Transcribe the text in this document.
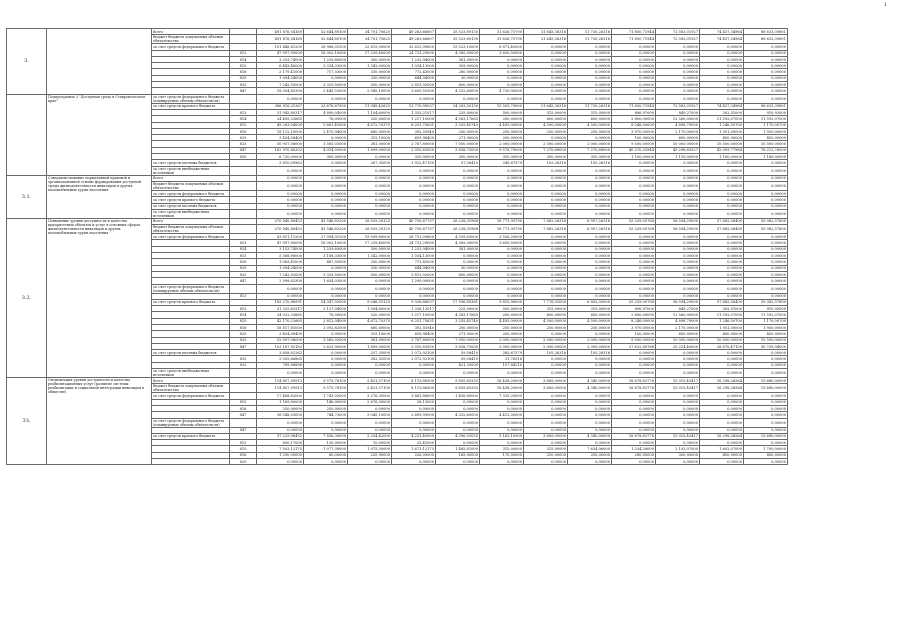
1
3.		Всего		491 876,04169	52 644,89100	34 701,70625	49 263,66607	35 523,89130	31 626,75790	31 645,36316	11 730,26316	71 850,71944	72 583,01927	74 457,34964	88 633,39801
		бюджет бюджета покупаемых объемов обязательства		491 876,04169	52 644,89100	34 701,70625	49 263,66607	35 523,89130	31 626,75790	31 645,36316	11 730,26316	71 850,71944	72 583,01927	74 457,34964	88 633,39801
		за счет средств федерального бюджета		101 448,61200	28 968,01200	22 615,00000	32 612,99600	15 523,10000	8 871,40000	0,00000	0,00000	0,00000	0,00000	0,00000	0,00000
			813	47 997,90000	18 002,10000	17 239,40000	24 731,29000	4 385,00000	3 650,50000	0,00000	0,00000	0,00000	0,00000	0,00000	0,00000
			814	3 333,74000	1 239,60000	300,00000	1 232,94000	381,00000	0,00000	0,00000	0,00000	0,00000	0,00000	0,00000	0,00000
			815	6 443,46000	3 334,33000	1 342,00000	1 034,13000	359,00000	0,00000	0,00000	0,00000	0,00000	0,00000	0,00000	0,00000
			816	2 179,41000	717,03000	330,00000	772,43000	280,00000	0,00000	0,00000	0,00000	0,00000	0,00000	0,00000	0,00000
			829	1 004,04000	0,00000	330,00000	644,04000	30,00000	0,00000	0,00000	0,00000	0,00000	0,00000	0,00000	0,00000
			833	7 242,92000	3 329,50000	500,00000	2 813,92000	600,00000	0,00000	0,00000	0,00000	0,00000	0,00000	0,00000	0,00000
			847	18 054,85300	2 445,53000	2 945,10000	3 600,55300	4 332,60000	4 730,90000	0,00000	0,00000	0,00000	0,00000	0,00000	0,00000
	Подпрограмма 3 "Доступная среда в Ставропольском крае"	за счет средств федерального бюджета (планируемые объемы обязательств)		0,00000	0,00000	0,00000	0,00000	0,00000	0,00000	0,00000	0,00000	0,00000	0,00000	0,00000	0,00000
		за счет средств краевого бюджета		386 916,21367	23 676,87900	11 945,42625	13 770,99037	24 202,50130	15 503,79000	11 645,36316	11 730,26316	71 850,71944	72 583,01927	74 457,34964	88 633,39801
			813	31 945,80317	4 890,04000	1 104,60000	1 353,21017	235,00000	500,00000	315,00000	315,00000	896,97000	849,27000	302,51000	910,93000
			814	24 495,33665	76,00000	320,00000	1 217,10000	4 383,17665	200,00000	600,00000	600,00000	2 800,00000	12 560,00000	11 592,07000	11 592,07000
			815	49 283,04000	5 661,45000	4 672,70375	6 251,75631	3 255,45740	4 495,00000	4 500,00000	4 500,00000	8 246,00000	4 898,79000	1 246,50700	1 170,00700
			816	18 112,10000	2 470,94000	680,00000	392,55940	200,00000	250,00000	250,00000	250,00000	3 970,00000	2 170,00000	1 951,00000	1 950,00000
			829	3 454,08400	0,00000	315,10000	659,98400	271,00000	200,00000	0,00000	0,00000	100,00000	600,00000	400,00000	450,00000
			833	50 957,06000	3 565,03000	381,00000	2 767,80000	7 050,00000	2 000,00000	2 000,00000	2 000,00000	9 500,00000	10 000,00000	10 500,00000	10 500,00000
			847	162 970,80202	4 014,93000	1 899,00000	2 010,63050	3 838,75000	9 578,79000	7 270,68000	7 270,68000	40 270,33944	49 296,69527	42 009,77964	76 212,76000
			830	6 720,00000	300,00000	0,00000	320,00000	350,00000	350,00000	350,00000	350,00000	1 100,00000	1 110,00000	1 160,00000	1 160,00000
		за счет средств местных бюджетов		3 810,09962	0,00000	267,35000	1 922,47100	57,26410	249,67579	105,26316	105,26316	0,00000	0,00000	0,00000	0,00000
		за счет средств внебюджетных источников		0,00000	0,00000	0,00000	0,00000	0,00000	0,00000	0,00000	0,00000	0,00000	0,00000	0,00000	0,00000
3.1.	Совершенствование нормативной правовой и организационной основы формирования доступной среды жизнедеятельности инвалидов и других маломобильных групп населения	Всего		0,00000	0,00000	0,00000	0,00000	0,00000	0,00000	0,00000	0,00000	0,00000	0,00000	0,00000	0,00000
		бюджет бюджета покупаемых объемов обязательства		0,00000	0,00000	0,00000	0,00000	0,00000	0,00000	0,00000	0,00000	0,00000	0,00000	0,00000	0,00000
		за счет средств федерального бюджета		0,00000	0,00000	0,00000	0,00000	0,00000	0,00000	0,00000	0,00000	0,00000	0,00000	0,00000	0,00000
		за счет средств краевого бюджета		0,00000	0,00000	0,00000	0,00000	0,00000	0,00000	0,00000	0,00000	0,00000	0,00000	0,00000	0,00000
		за счет средств местных бюджетов		0,00000	0,00000	0,00000	0,00000	0,00000	0,00000	0,00000	0,00000	0,00000	0,00000	0,00000	0,00000
		за счет средств внебюджетных источников		0,00000	0,00000	0,00000	0,00000	0,00000	0,00000	0,00000	0,00000	0,00000	0,00000	0,00000	0,00000
3.2.	Повышение уровня доступности и качества приоритетных объектов и услуг в основных сферах жизнедеятельности инвалидов и других маломобильных групп населения	Всего		270 940,80453	41 546,83200	28 929,28125	40 750,87737	26 238,31968	18 771,95790	7 882,26316	6 907,26316	55 259,00768	56 594,29000	57 682,56400	59 382,57600
		бюджет бюджета покупаемых объемов обязательства		270 940,80453	41 546,83200	28 929,28125	40 750,87737	26 238,31968	18 771,95790	7 882,26316	6 907,26316	55 259,00768	56 594,29000	57 682,56400	59 382,57600
		за счет средств федерального бюджета		83 811,11200	27 094,91200	19 599,80000	28 751,09600	4 339,83000	3 556,20000	0,00000	0,00000	0,00000	0,00000	0,00000	0,00000
			813	47 997,90000	18 002,10000	17 239,40000	24 731,29000	4 385,00000	3 650,50000	0,00000	0,00000	0,00000	0,00000	0,00000	0,00000
			814	3 153,74000	1 239,60000	300,00000	1 232,94000	381,00000	0,00000	0,00000	0,00000	0,00000	0,00000	0,00000	0,00000
			815	5 368,98000	3 188,33000	1 342,00000	1 034,13000	0,00000	0,00000	0,00000	0,00000	0,00000	0,00000	0,00000	0,00000
			816	1 069,41000	467,03000	330,00000	772,43000	0,00000	0,00000	0,00000	0,00000	0,00000	0,00000	0,00000	0,00000
			829	1 004,04000	0,00000	330,00000	644,04000	30,00000	0,00000	0,00000	0,00000	0,00000	0,00000	0,00000	0,00000
			833	7 242,92000	3 329,50000	500,00000	2 813,92000	600,00000	0,00000	0,00000	0,00000	0,00000	0,00000	0,00000	0,00000
			847	2 998,82300	1 654,03000	0,00000	1 299,00000	0,00000	0,00000	0,00000	0,00000	0,00000	0,00000	0,00000	0,00000
		за счет средств федерального бюджета (планируемые объемы обязательств)		0,00000	0,00000	0,00000	0,00000	0,00000	0,00000	0,00000	0,00000	0,00000	0,00000	0,00000	0,00000
			813	0,00000	0,00000	0,00000	0,00000	0,00000	0,00000	0,00000	0,00000	0,00000	0,00000	0,00000	0,00000
		за счет средств краевого бюджета		183 270,86991	14 347,92000	9 046,93125	9 926,86037	17 596,89361	9 815,96000	7 776,92000	6 802,00000	55 259,00768	56 594,29000	57 682,56400	59 382,57600
			813	31 325,63317	3 127,04000	1 094,60000	1 338,12017	225,00000	500,00000	315,00000	315,00000	896,97000	849,27000	302,51000	910,93000
			814	24 032,33665	76,00000	320,00000	1 217,10000	4 383,17665	200,00000	600,00000	600,00000	2 800,00000	12 560,00000	11 592,07000	11 592,07000
			815	42 170,22665	2 812,04000	4 672,70375	6 251,75631	3 255,45740	4 495,00000	4 500,00000	4 500,00000	8 246,00000	4 898,79000	1 246,50700	1 170,00700
			816	16 817,81000	2 092,82000	680,00000	392,55940	200,00000	250,00000	250,00000	250,00000	3 970,00000	2 170,00000	1 951,00000	1 950,00000
			829	3 454,08400	0,00000	315,10000	659,98400	271,00000	200,00000	0,00000	0,00000	100,00000	600,00000	400,00000	450,00000
			833	52 097,06000	3 565,03000	381,00000	2 767,80000	7 050,00000	2 000,00000	2 000,00000	2 000,00000	9 500,00000	10 000,00000	10 500,00000	10 500,00000
			847	103 167,92183	2 623,90000	1 899,00000	2 010,63050	3 838,75000	3 000,00000	2 000,00000	2 000,00000	27 632,80768	25 214,40000	28 870,47100	30 739,94000
		за счет средств местных бюджетов		3 858,82262	0,00000	257,35000	2 072,92100	59,58410	285,67579	105,26316	105,26316	0,00000	0,00000	0,00000	0,00000
			833	2 055,66865	0,00000	282,55000	2 072,92100	59,58410	31,76316	0,00000	0,00000	0,00000	0,00000	0,00000	0,00000
			833	789,08896	0,00000	0,00000	0,00000	421,33000	157,84210	0,00000	0,00000	0,00000	0,00000	0,00000	0,00000
		за счет средств внебюджетных источников		0,00000	0,00000	0,00000	0,00000	0,00000	0,00000	0,00000	0,00000	0,00000	0,00000	0,00000	0,00000
33.	Оптимизация уровня доступности и качества реабилитационных услуг (развитие системы реабилитации и социальной интеграции инвалидов в обществе)	Всего		114 857,09913	9 579,78100	5 421,57100	8 113,88300	9 835,65335	16 438,20000	3 685,00000	4 340,00000	16 678,83776	15 015,43417	16 298,26564	15 680,00000
		бюджет бюджета покупаемых объемов обязательства		114 857,09913	9 579,78100	5 421,57100	8 113,88300	9 835,65335	16 438,20000	3 685,00000	4 340,00000	16 678,83776	15 015,43417	16 298,26564	15 680,00000
		за счет средств федерального бюджета		17 468,82000	1 743,03000	3 276,30000	3 861,88000	1 456,80000	7 335,20000	0,00000	0,00000	0,00000	0,00000	0,00000	0,00000
			815	1 169,80000	146,00000	2 676,30000	28,13000	0,00000	0,00000	0,00000	0,00000	0,00000	0,00000	0,00000	0,00000
			816	250,00000	250,00000	0,00000	0,00000	0,00000	0,00000	0,00000	0,00000	0,00000	0,00000	0,00000	0,00000
			847	16 048,53000	744,73000	3 045,10000	2 609,99000	4 332,60000	4 413,30000	0,00000	0,00000	0,00000	0,00000	0,00000	0,00000
		за счет средств федерального бюджета (планируемые объемы обязательств)		0,00000	0,00000	0,00000	0,00000	0,00000	0,00000	0,00000	0,00000	0,00000	0,00000	0,00000	0,00000
			847	0,00000	0,00000	0,00000	0,00000	0,00000	0,00000	0,00000	0,00000	0,00000	0,00000	0,00000	0,00000
		за счет средств краевого бюджета		97 225,96492	7 836,36000	2 254,42000	4 251,40000	4 596,55035	5 163,10000	3 685,00000	4 340,00000	16 678,83776	15 015,43417	16 298,26564	15 680,00000
			813	650,17000	130,00000	10,00000	25,41000	0,00000	0,00000	0,00000	0,00000	0,00000	0,00000	0,00000	0,00000
			815	7 503,12175	1 077,38000	1 975,50000	1 671,12175	1 465,81000	315,00000	315,00000	7 634,96000	1 234,28000	2 103,07000	1 602,07000	1 700,00000
			816	1 290,00000	80,00000	235,90000	226,00000	165,00000	170,00000	250,00000	250,00000	280,00000	300,00000	400,00000	400,00000
			829	0,00000	0,00000	0,00000	0,00000	0,00000	0,00000	0,00000	0,00000	0,00000	0,00000	0,00000	0,00000
